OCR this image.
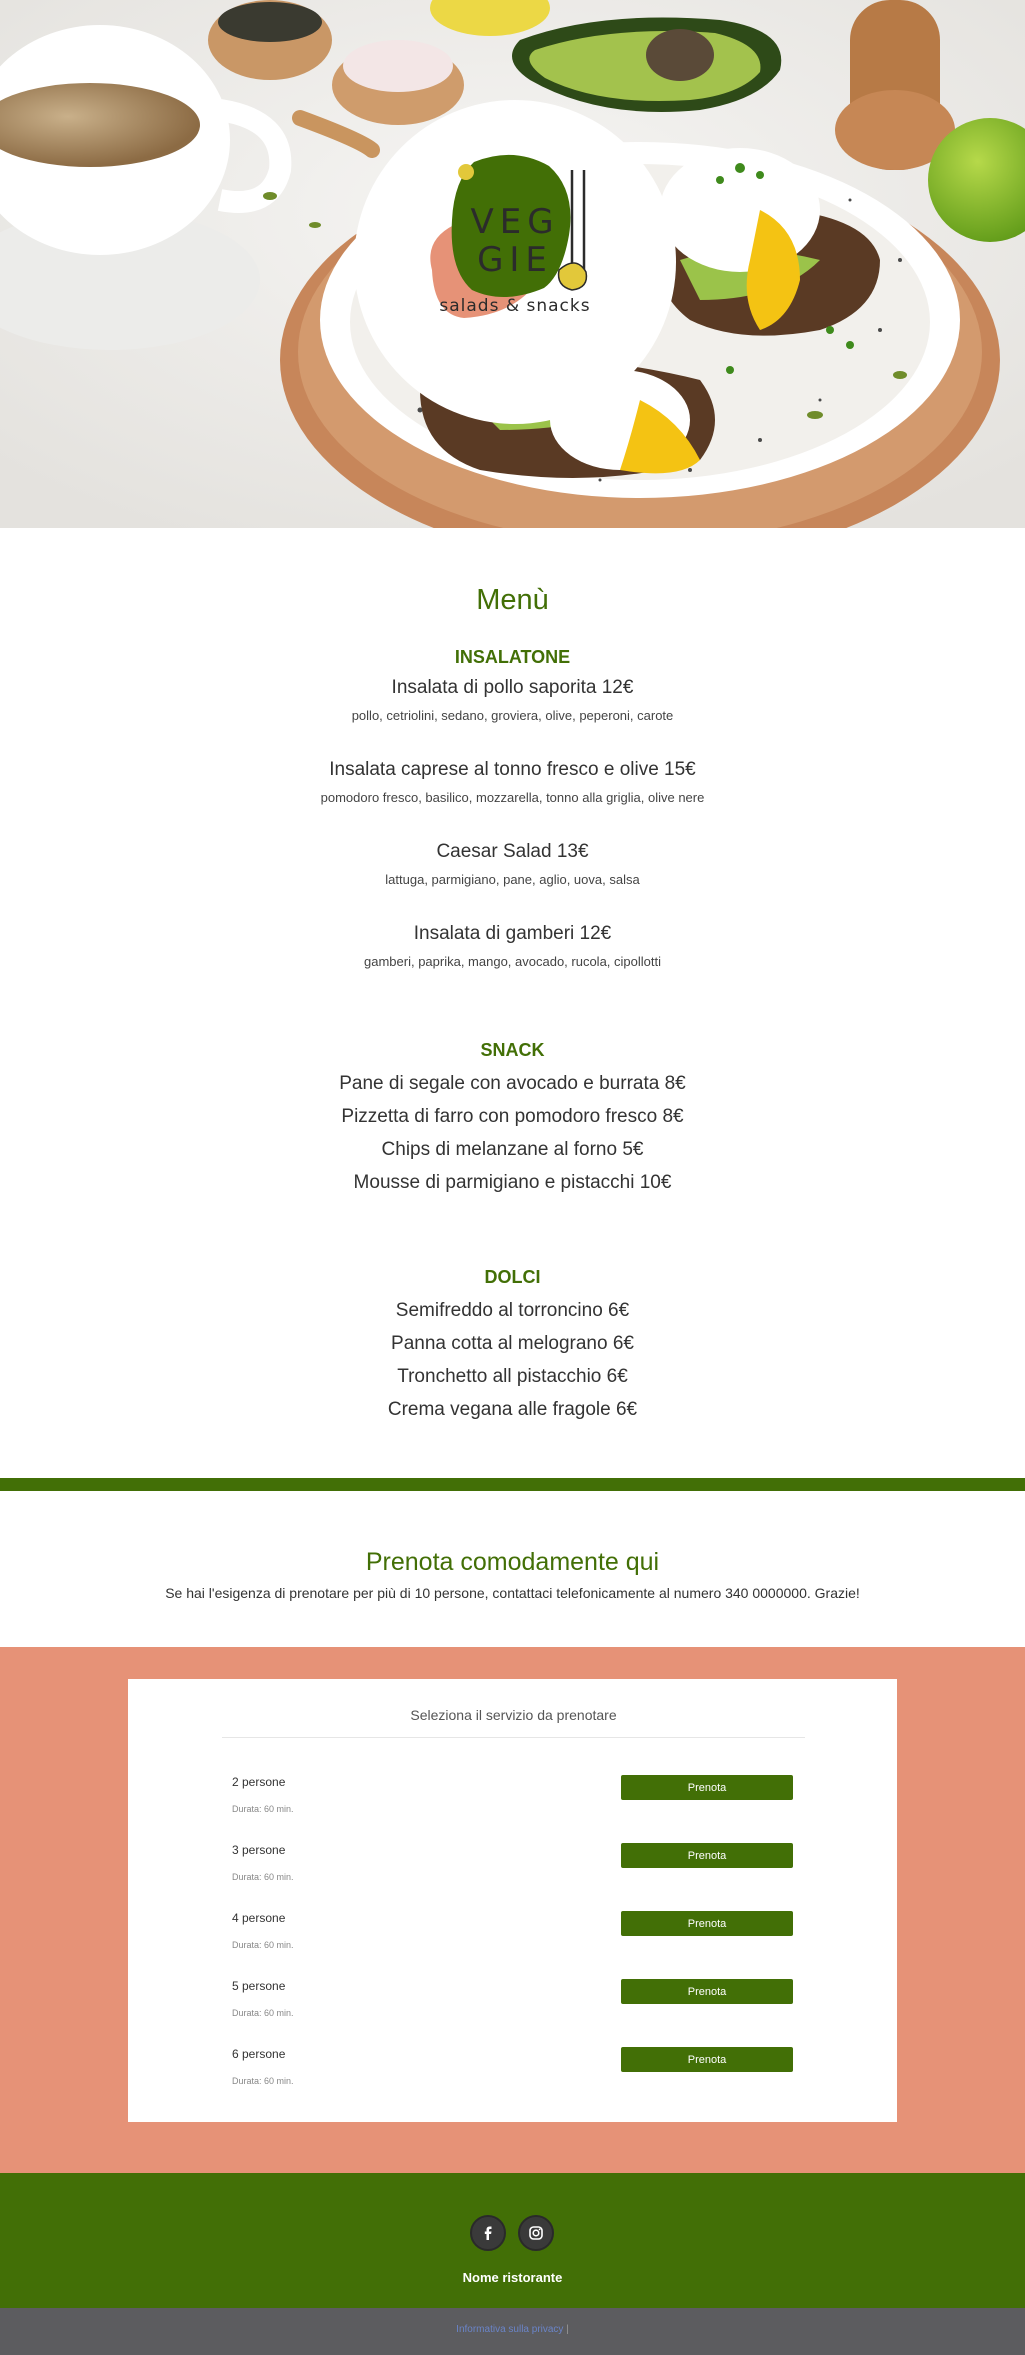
VEG
GIE
salads & snacks
Menù
INSALATONE

Insalata di pollo saporita 12€

pollo, cetriolini, sedano, groviera, olive, peperoni, carote

Insalata caprese al tonno fresco e olive 15€

pomodoro fresco, basilico, mozzarella, tonno alla griglia, olive nere

Caesar Salad 13€

lattuga, parmigiano, pane, aglio, uova, salsa

Insalata di gamberi 12€

gamberi, paprika, mango, avocado, rucola, cipollotti

SNACK

Pane di segale con avocado e burrata 8€

Pizzetta di farro con pomodoro fresco 8€

Chips di melanzane al forno 5€

Mousse di parmigiano e pistacchi 10€

DOLCI

Semifreddo al torroncino 6€

Panna cotta al melograno 6€

Tronchetto all pistacchio 6€

Crema vegana alle fragole 6€

Prenota comodamente qui

Se hai l'esigenza di prenotare per più di 10 persone, contattaci telefonicamente al numero 340 0000000. Grazie!

Seleziona il servizio da prenotare
2 persone
Durata: 60 min.
Prenota
3 persone
Durata: 60 min.
Prenota
4 persone
Durata: 60 min.
Prenota
5 persone
Durata: 60 min.
Prenota
6 persone
Durata: 60 min.
Prenota
Nome ristorante
Informativa sulla privacy |
